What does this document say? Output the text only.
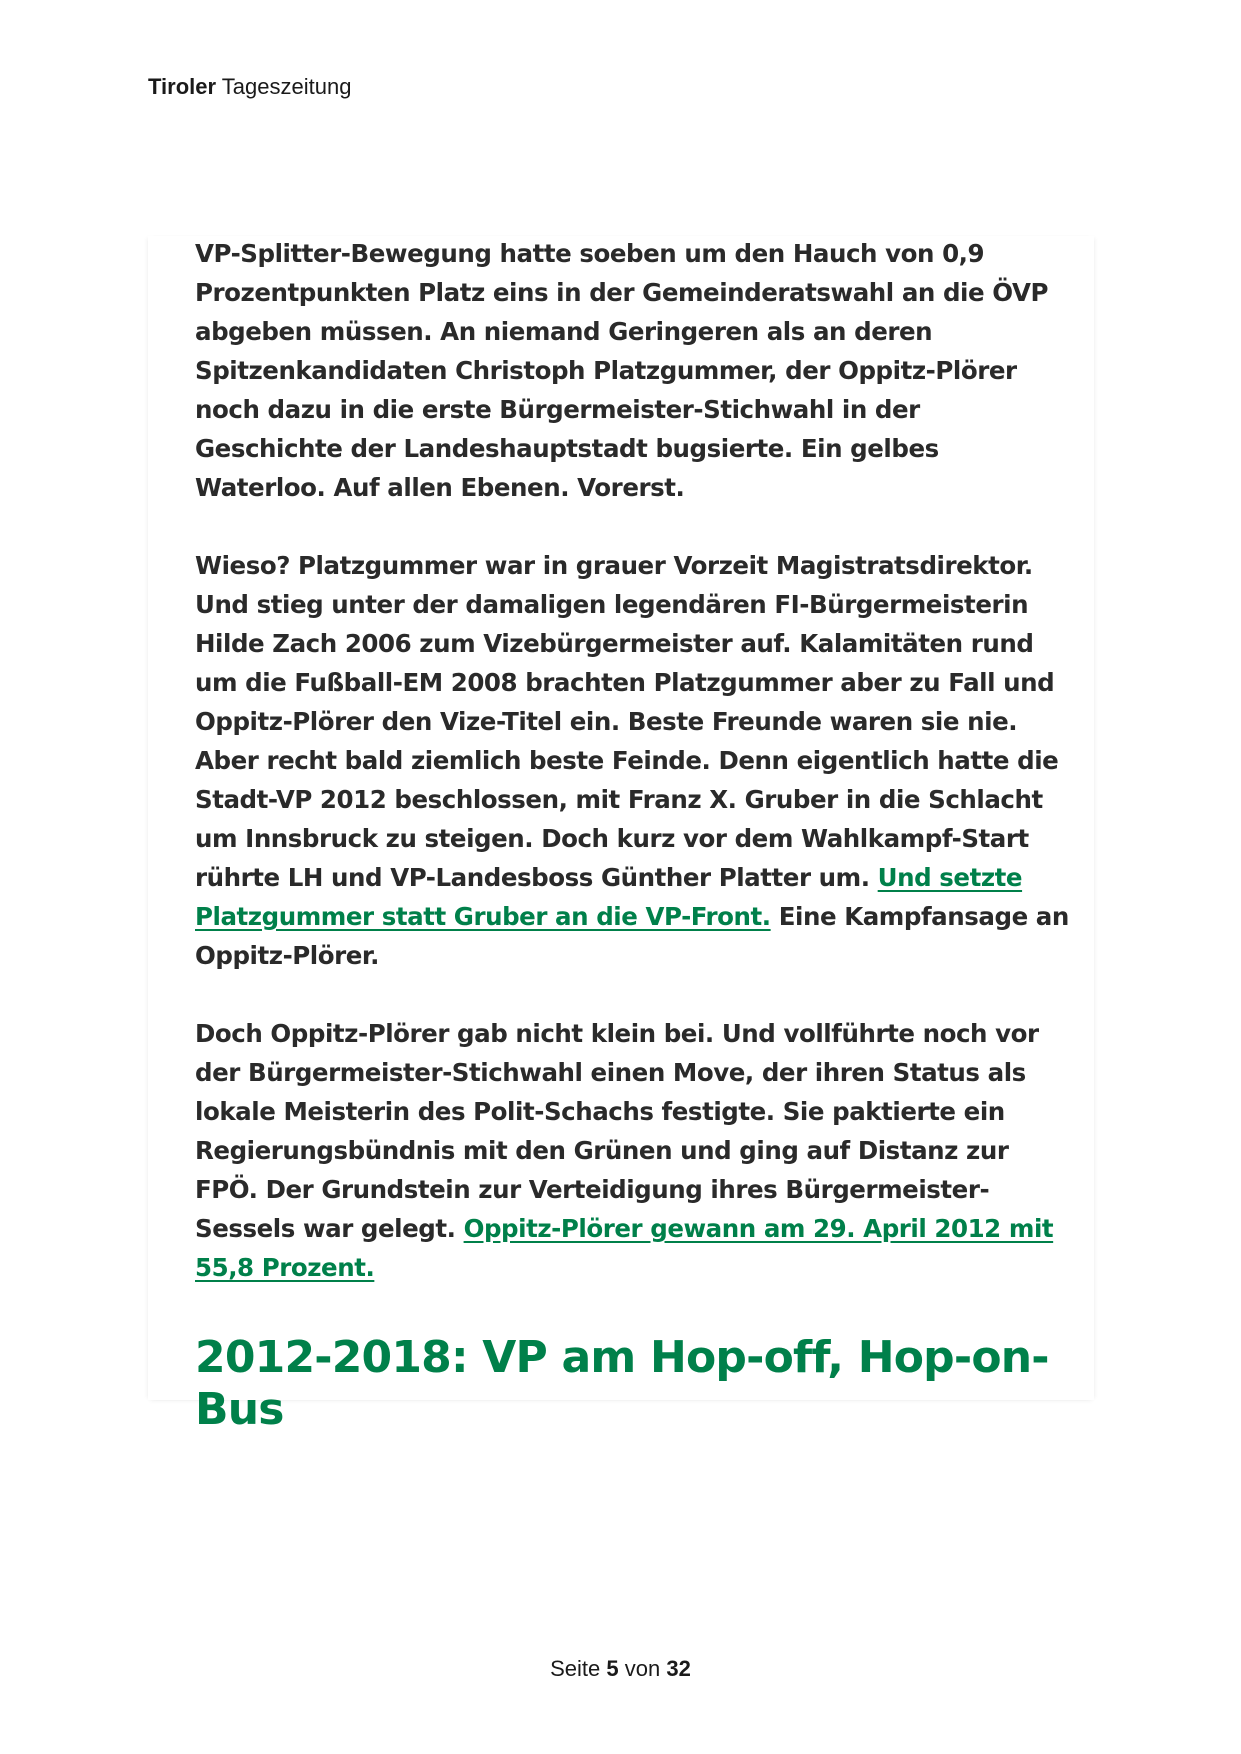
Tiroler Tageszeitung

VP-Splitter-Bewegung hatte soeben um den Hauch von 0,9 Prozentpunkten Platz eins in der Gemeinderatswahl an die ÖVP abgeben müssen. An niemand Geringeren als an deren Spitzenkandidaten Christoph Platzgummer, der Oppitz-Plörer noch dazu in die erste Bürgermeister-Stichwahl in der Geschichte der Landeshauptstadt bugsierte. Ein gelbes Waterloo. Auf allen Ebenen. Vorerst.

Wieso? Platzgummer war in grauer Vorzeit Magistratsdirektor. Und stieg unter der damaligen legendären FI-Bürgermeisterin Hilde Zach 2006 zum Vizebürgermeister auf. Kalamitäten rund um die Fußball-EM 2008 brachten Platzgummer aber zu Fall und Oppitz-Plörer den Vize-Titel ein. Beste Freunde waren sie nie. Aber recht bald ziemlich beste Feinde. Denn eigentlich hatte die Stadt-VP 2012 beschlossen, mit Franz X. Gruber in die Schlacht um Innsbruck zu steigen. Doch kurz vor dem Wahlkampf-Start rührte LH und VP-Landesboss Günther Platter um. Und setzte Platzgummer statt Gruber an die VP-Front. Eine Kampfansage an Oppitz-Plörer.

Doch Oppitz-Plörer gab nicht klein bei. Und vollführte noch vor der Bürgermeister-Stichwahl einen Move, der ihren Status als lokale Meisterin des Polit-Schachs festigte. Sie paktierte ein Regierungsbündnis mit den Grünen und ging auf Distanz zur FPÖ. Der Grundstein zur Verteidigung ihres Bürgermeister-Sessels war gelegt. Oppitz-Plörer gewann am 29. April 2012 mit 55,8 Prozent.

2012-2018: VP am Hop-off, Hop-on-Bus
Seite 5 von 32
